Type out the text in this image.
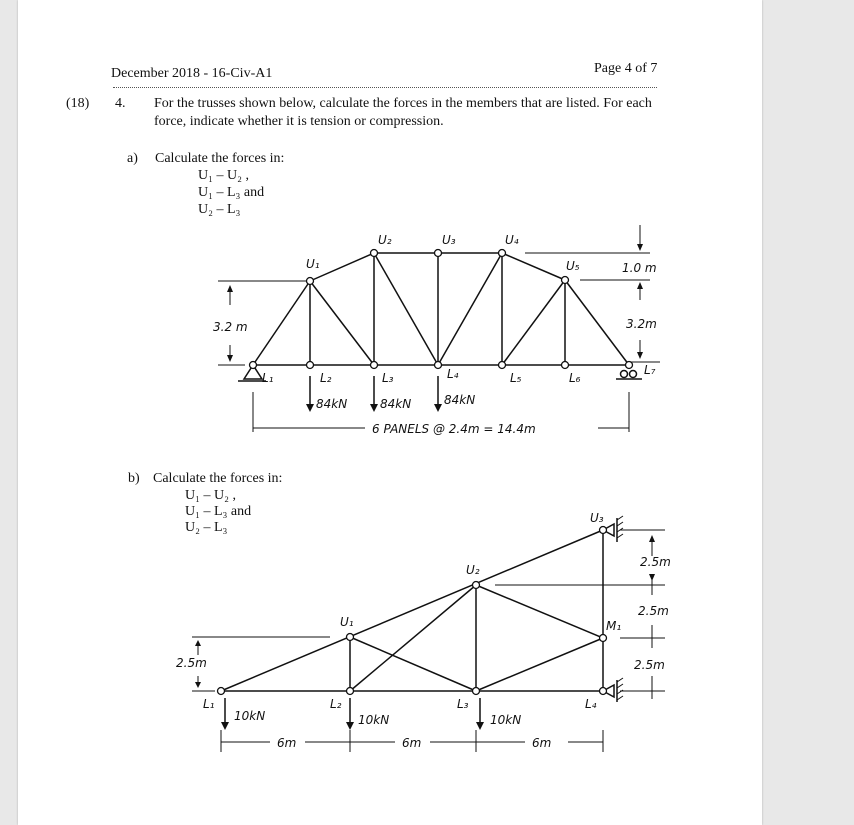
December 2018 - 16-Civ-A1	Page 4 of 7
(18) 4. For the trusses shown below, calculate the forces in the members that are listed. For each
force, indicate whether it is tension or compression.
a) Calculate the forces in:
U₁ – U₂ ,
U₁ – L₃ and
U₂ – L₃
b) Calculate the forces in:
U₁ – U₂ ,
U₁ – L₃ and
U₂ – L₃
U₁
U₂	U₃	U₄
U₅
L₁	L₂	L₃	L₄	L₅	L₆
L₇
84kN	84kN	84kN
3.2 m
1.0 m
3.2m
6 PANELS @ 2.4m = 14.4m
U₁
U₂
U₃
M₁
L₁	L₂	L₃	L₄
10kN	10kN	10kN
2.5m
2.5m
2.5m
2.5m
6m	6m	6m
